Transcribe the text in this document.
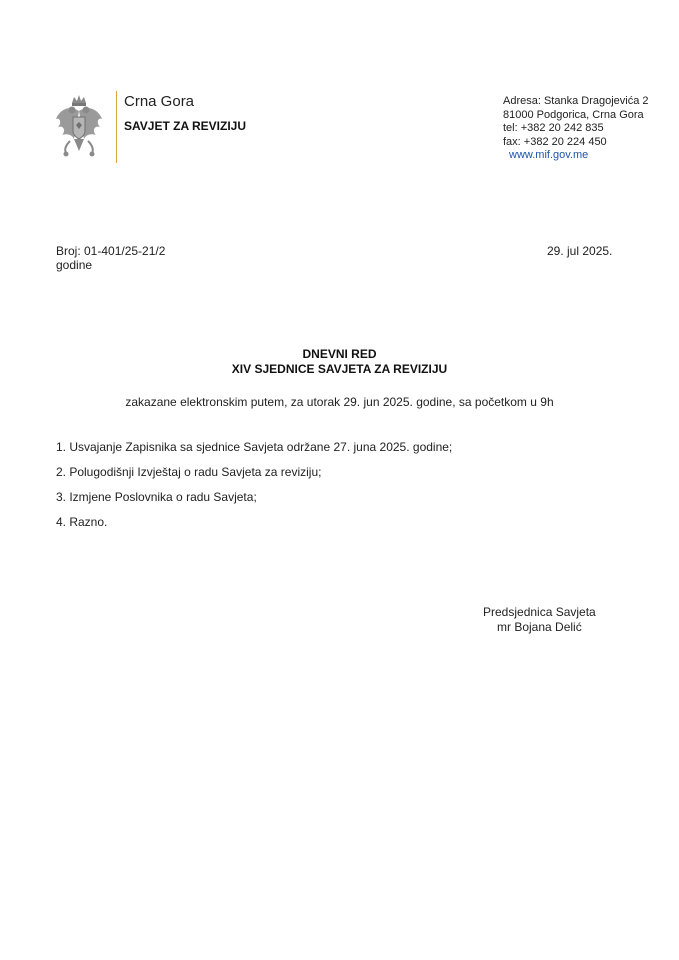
Crna Gora
SAVJET ZA REVIZIJU
Adresa: Stanka Dragojevića 2
81000 Podgorica, Crna Gora
tel: +382 20 242 835
fax: +382 20 224 450
www.mif.gov.me
Broj: 01-401/25-21/2
godine
29. jul 2025.
DNEVNI RED
XIV SJEDNICE SAVJETA ZA REVIZIJU
zakazane elektronskim putem, za utorak 29. jun 2025. godine, sa početkom u 9h
1. Usvajanje Zapisnika sa sjednice Savjeta održane 27. juna 2025. godine;
2. Polugodišnji Izvještaj o radu Savjeta za reviziju;
3. Izmjene Poslovnika o radu Savjeta;
4. Razno.
Predsjednica Savjeta
mr Bojana Delić
